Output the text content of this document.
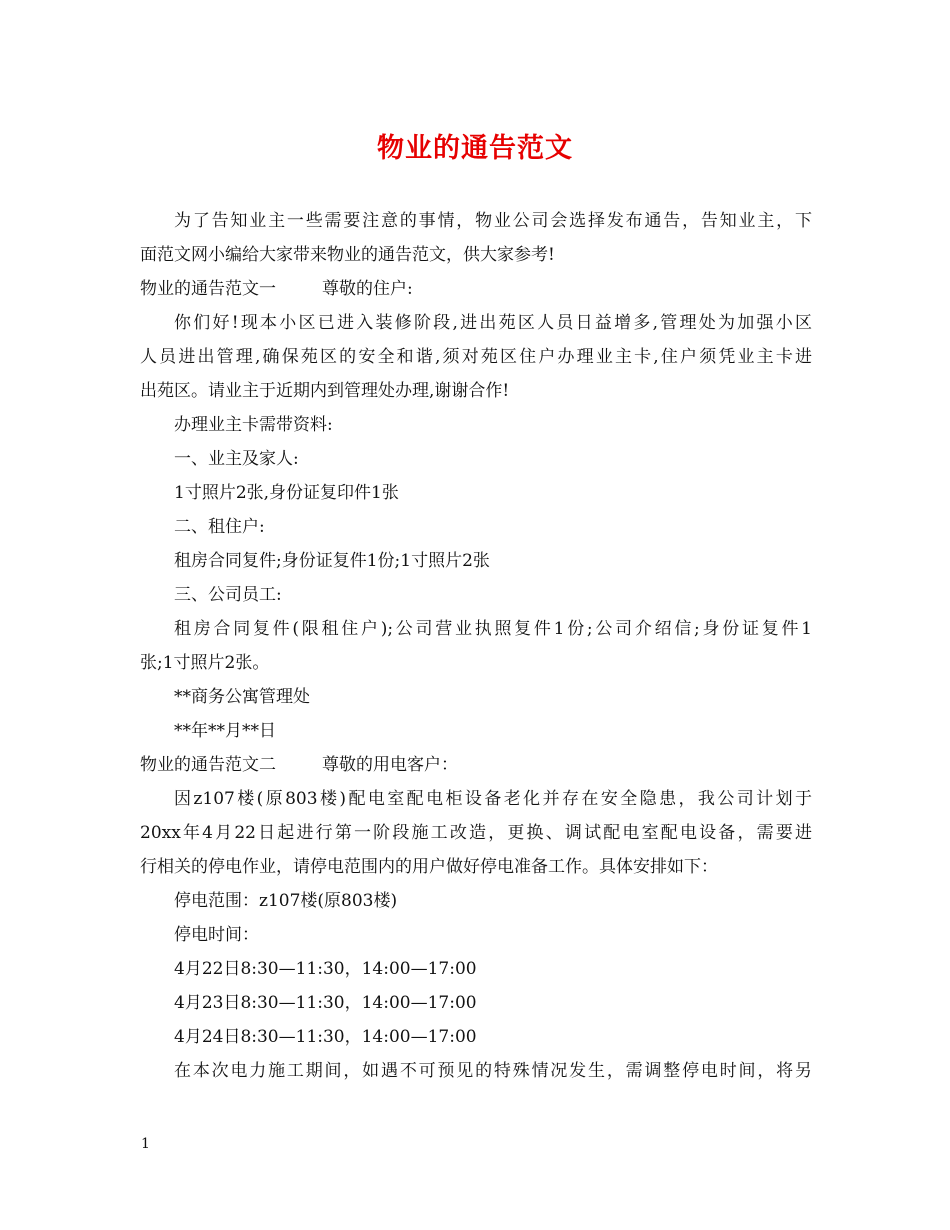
物业的通告范文
为了告知业主一些需要注意的事情，物业公司会选择发布通告，告知业主，下
面范文网小编给大家带来物业的通告范文，供大家参考!
物业的通告范文一	尊敬的住户:
你们好!现本小区已进入装修阶段,进出苑区人员日益增多,管理处为加强小区
人员进出管理,确保苑区的安全和谐,须对苑区住户办理业主卡,住户须凭业主卡进
出苑区。请业主于近期内到管理处办理,谢谢合作!
办理业主卡需带资料:
一、业主及家人:
1寸照片2张,身份证复印件1张
二、租住户:
租房合同复件;身份证复件1份;1寸照片2张
三、公司员工:
租房合同复件(限租住户);公司营业执照复件1份;公司介绍信;身份证复件1
张;1寸照片2张。
**商务公寓管理处
**年**月**日
物业的通告范文二	尊敬的用电客户：
因z107楼(原803楼)配电室配电柜设备老化并存在安全隐患，我公司计划于
20xx年4月22日起进行第一阶段施工改造，更换、调试配电室配电设备，需要进
行相关的停电作业，请停电范围内的用户做好停电准备工作。具体安排如下：
停电范围：z107楼(原803楼)
停电时间：
4月22日8:30—11:30，14:00—17:00
4月23日8:30—11:30，14:00—17:00
4月24日8:30—11:30，14:00—17:00
在本次电力施工期间，如遇不可预见的特殊情况发生，需调整停电时间，将另
1
